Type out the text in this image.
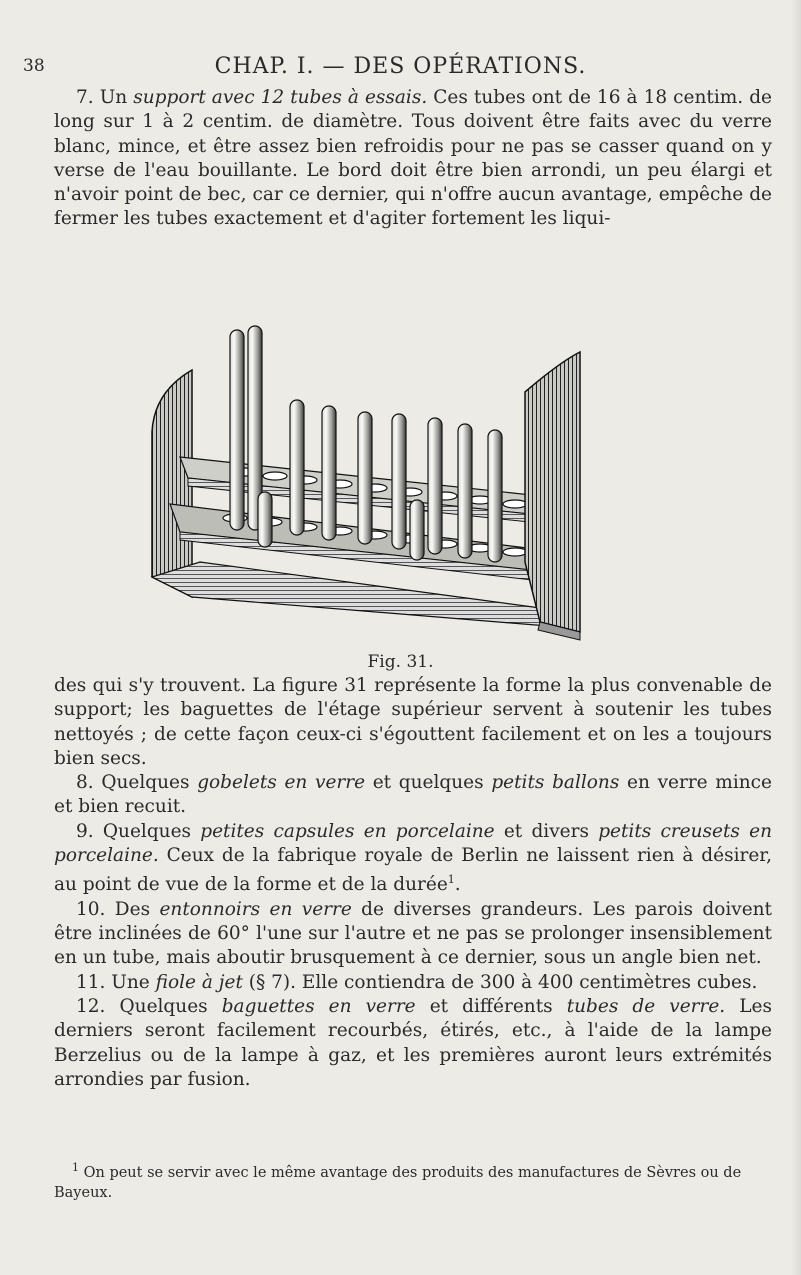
38	CHAP. I. — DES OPÉRATIONS.

7. Un support avec 12 tubes à essais. Ces tubes ont de 16 à 18 centim. de long sur 1 à 2 centim. de diamètre. Tous doivent être faits avec du verre blanc, mince, et être assez bien refroidis pour ne pas se casser quand on y verse de l'eau bouillante. Le bord doit être bien arrondi, un peu élargi et n'avoir point de bec, car ce dernier, qui n'offre aucun avantage, empêche de fermer les tubes exactement et d'agiter fortement les liqui-

Fig. 31.

des qui s'y trouvent. La figure 31 représente la forme la plus convenable de support; les baguettes de l'étage supérieur servent à soutenir les tubes nettoyés ; de cette façon ceux-ci s'égouttent facilement et on les a toujours bien secs.

8. Quelques gobelets en verre et quelques petits ballons en verre mince et bien recuit.

9. Quelques petites capsules en porcelaine et divers petits creusets en porcelaine. Ceux de la fabrique royale de Berlin ne laissent rien à désirer, au point de vue de la forme et de la durée$^1$.

10. Des entonnoirs en verre de diverses grandeurs. Les parois doivent être inclinées de 60° l'une sur l'autre et ne pas se prolonger insensiblement en un tube, mais aboutir brusquement à ce dernier, sous un angle bien net.

11. Une fiole à jet (§ 7). Elle contiendra de 300 à 400 centimètres cubes.

12. Quelques baguettes en verre et différents tubes de verre. Les derniers seront facilement recourbés, étirés, etc., à l'aide de la lampe Berzelius ou de la lampe à gaz, et les premières auront leurs extrémités arrondies par fusion.

$^1$ On peut se servir avec le même avantage des produits des manufactures de Sèvres ou de Bayeux.
